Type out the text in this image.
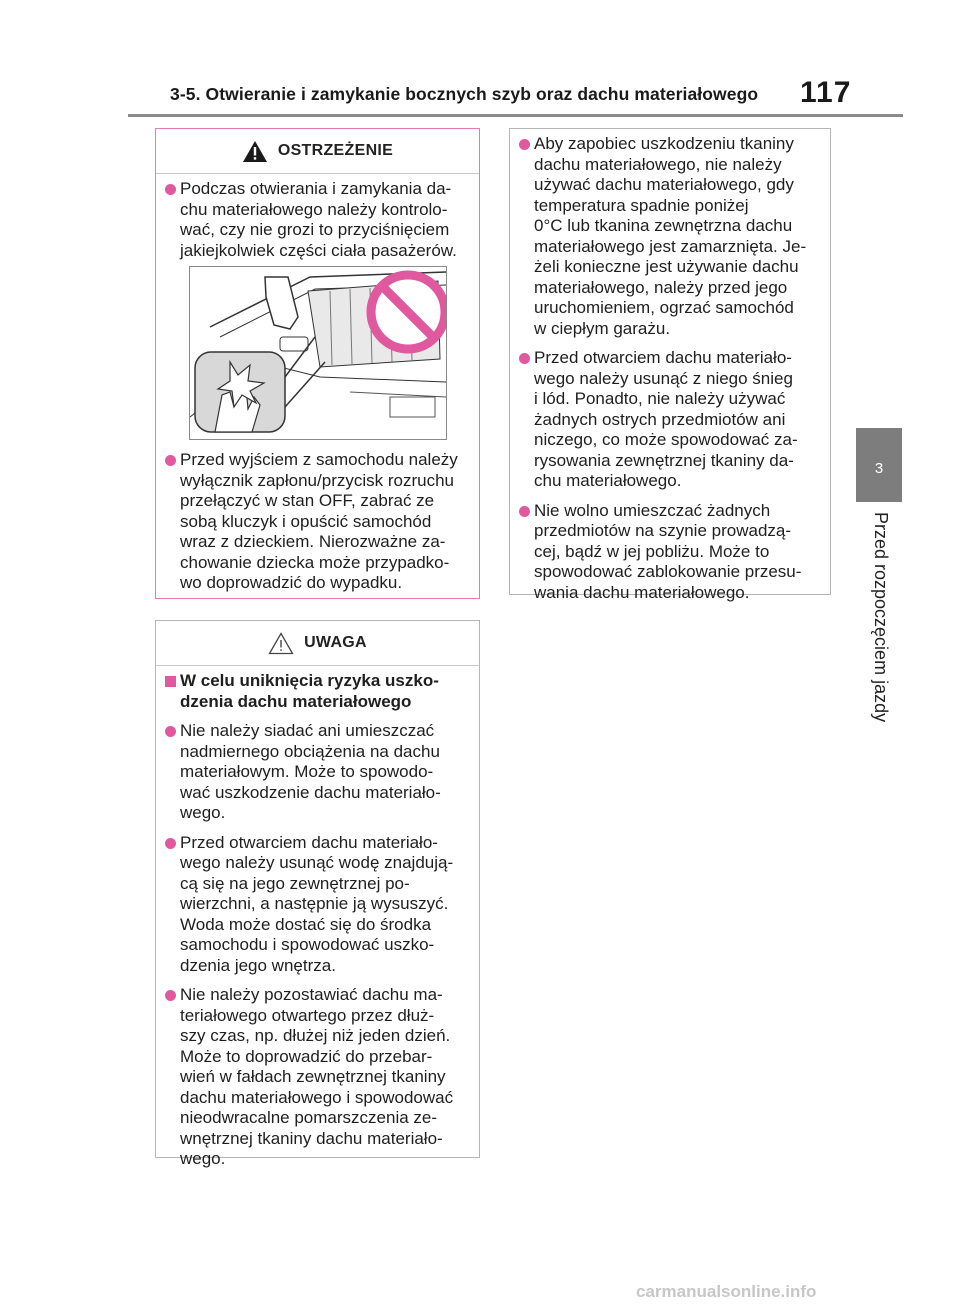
3-5. Otwieranie i zamykanie bocznych szyb oraz dachu materiałowego 117
3
Przed rozpoczęciem jazdy
OSTRZEŻENIE
Podczas otwierania i zamykania da-
chu materiałowego należy kontrolo-
wać, czy nie grozi to przyciśnięciem
jakiejkolwiek części ciała pasażerów.
Przed wyjściem z samochodu należy
wyłącznik zapłonu/przycisk rozruchu
przełączyć w stan OFF, zabrać ze
sobą kluczyk i opuścić samochód
wraz z dzieckiem. Nierozważne za-
chowanie dziecka może przypadko-
wo doprowadzić do wypadku.
UWAGA
W celu uniknięcia ryzyka uszko-
dzenia dachu materiałowego
Nie należy siadać ani umieszczać
nadmiernego obciążenia na dachu
materiałowym. Może to spowodo-
wać uszkodzenie dachu materiało-
wego.
Przed otwarciem dachu materiało-
wego należy usunąć wodę znajdują-
cą się na jego zewnętrznej po-
wierzchni, a następnie ją wysuszyć.
Woda może dostać się do środka
samochodu i spowodować uszko-
dzenia jego wnętrza.
Nie należy pozostawiać dachu ma-
teriałowego otwartego przez dłuż-
szy czas, np. dłużej niż jeden dzień.
Może to doprowadzić do przebar-
wień w fałdach zewnętrznej tkaniny
dachu materiałowego i spowodować
nieodwracalne pomarszczenia ze-
wnętrznej tkaniny dachu materiało-
wego.
Aby zapobiec uszkodzeniu tkaniny
dachu materiałowego, nie należy
używać dachu materiałowego, gdy
temperatura spadnie poniżej
0°C lub tkanina zewnętrzna dachu
materiałowego jest zamarznięta. Je-
żeli konieczne jest używanie dachu
materiałowego, należy przed jego
uruchomieniem, ogrzać samochód
w ciepłym garażu.
Przed otwarciem dachu materiało-
wego należy usunąć z niego śnieg
i lód. Ponadto, nie należy używać
żadnych ostrych przedmiotów ani
niczego, co może spowodować za-
rysowania zewnętrznej tkaniny da-
chu materiałowego.
Nie wolno umieszczać żadnych
przedmiotów na szynie prowadzą-
cej, bądź w jej pobliżu. Może to
spowodować zablokowanie przesu-
wania dachu materiałowego.
carmanualsonline.info
